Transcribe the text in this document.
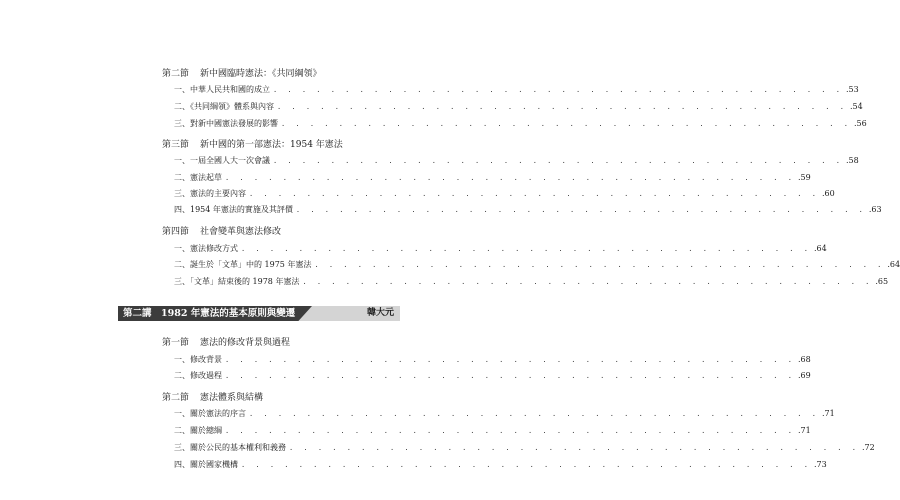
第二節 新中國臨時憲法：《共同綱領》
一、中華人民共和國的成立 . . . . . . . . . . . . . . . . . . . . . . . . . . . . . . . . . . . . . . . . .53
二、《共同綱領》體系與內容 . . . . . . . . . . . . . . . . . . . . . . . . . . . . . . . . . . . . . . . . .54
三、對新中國憲法發展的影響 . . . . . . . . . . . . . . . . . . . . . . . . . . . . . . . . . . . . . . . . .56
第三節 新中國的第一部憲法：1954 年憲法
一、一屆全國人大一次會議 . . . . . . . . . . . . . . . . . . . . . . . . . . . . . . . . . . . . . . . . .58
二、憲法起草 . . . . . . . . . . . . . . . . . . . . . . . . . . . . . . . . . . . . . . . . .59
三、憲法的主要內容 . . . . . . . . . . . . . . . . . . . . . . . . . . . . . . . . . . . . . . . . .60
四、1954 年憲法的實施及其評價 . . . . . . . . . . . . . . . . . . . . . . . . . . . . . . . . . . . . . . . . .63
第四節 社會變革與憲法修改
一、憲法修改方式 . . . . . . . . . . . . . . . . . . . . . . . . . . . . . . . . . . . . . . . . .64
二、誕生於「文革」中的 1975 年憲法 . . . . . . . . . . . . . . . . . . . . . . . . . . . . . . . . . . . . . . . . .64
三、「文革」結束後的 1978 年憲法 . . . . . . . . . . . . . . . . . . . . . . . . . . . . . . . . . . . . . . . . .65
第二講　1982 年憲法的基本原則與變遷	韓大元
第一節 憲法的修改背景與過程
一、修改背景 . . . . . . . . . . . . . . . . . . . . . . . . . . . . . . . . . . . . . . . . .68
二、修改過程 . . . . . . . . . . . . . . . . . . . . . . . . . . . . . . . . . . . . . . . . .69
第二節 憲法體系與結構
一、關於憲法的序言 . . . . . . . . . . . . . . . . . . . . . . . . . . . . . . . . . . . . . . . . .71
二、關於總綱 . . . . . . . . . . . . . . . . . . . . . . . . . . . . . . . . . . . . . . . . .71
三、關於公民的基本權利和義務 . . . . . . . . . . . . . . . . . . . . . . . . . . . . . . . . . . . . . . . . .72
四、關於國家機構 . . . . . . . . . . . . . . . . . . . . . . . . . . . . . . . . . . . . . . . . .73
